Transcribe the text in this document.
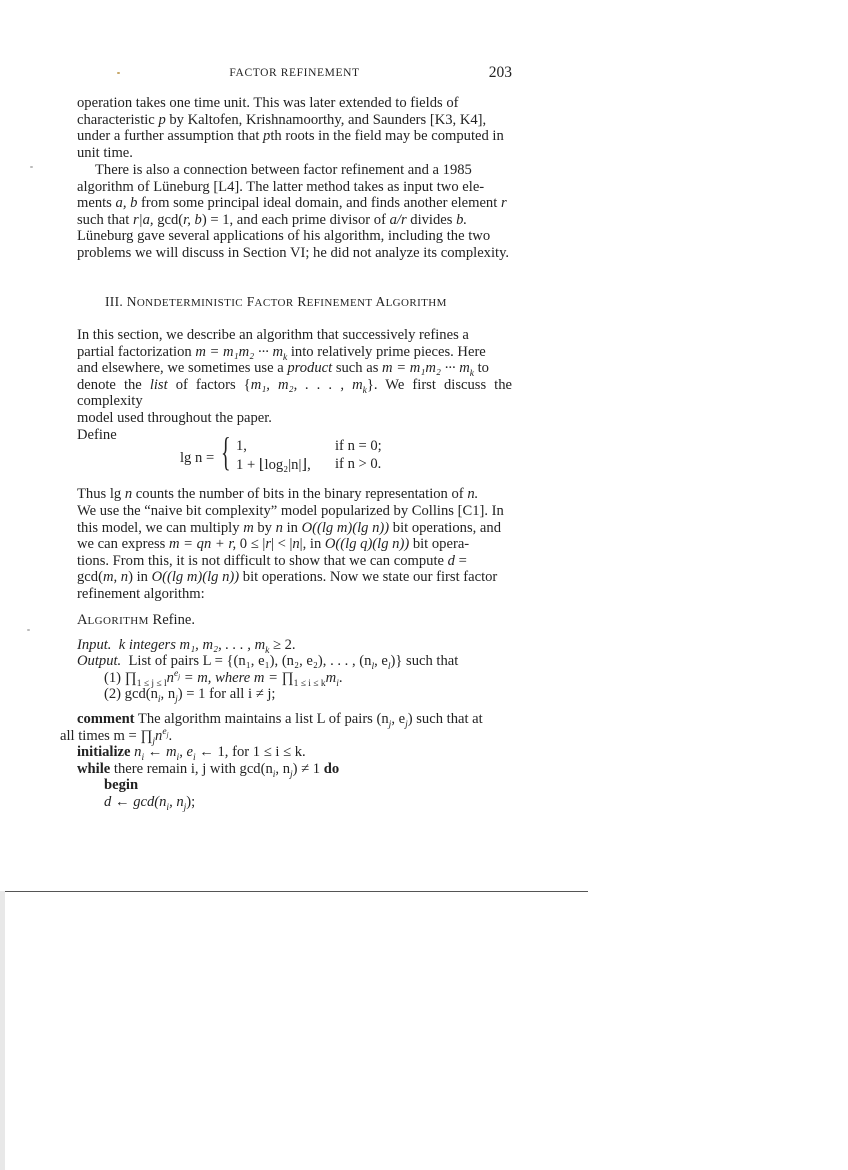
FACTOR REFINEMENT	203

operation takes one time unit. This was later extended to fields of

characteristic p by Kaltofen, Krishnamoorthy, and Saunders [K3, K4],

under a further assumption that pth roots in the field may be computed in

unit time.

There is also a connection between factor refinement and a 1985

algorithm of Lüneburg [L4]. The latter method takes as input two ele-

ments a, b from some principal ideal domain, and finds another element r

such that r|a, gcd(r, b) = 1, and each prime divisor of a/r divides b.

Lüneburg gave several applications of his algorithm, including the two

problems we will discuss in Section VI; he did not analyze its complexity.

III. NONDETERMINISTIC FACTOR REFINEMENT ALGORITHM

In this section, we describe an algorithm that successively refines a

partial factorization m = m₁m₂ ··· $m_k$ into relatively prime pieces. Here

and elsewhere, we sometimes use a product such as m = m₁m₂ ··· $m_k$ to

denote the list of factors {m₁, m₂, . . . , $m_k$}. We first discuss the complexity

model used throughout the paper.

Define

lg n = { 1,
1 + ⌊log₂|n|⌋,
if n = 0;
if n > 0.

Thus lg n counts the number of bits in the binary representation of n.

We use the “naive bit complexity” model popularized by Collins [C1]. In

this model, we can multiply m by n in O((lg m)(lg n)) bit operations, and

we can express m = qn + r, 0 ≤ |r| < |n|, in O((lg q)(lg n)) bit opera-

tions. From this, it is not difficult to show that we can compute d =

gcd(m, n) in O((lg m)(lg n)) bit operations. Now we state our first factor

refinement algorithm:

ALGORITHM Refine.
Input. k integers m₁, m₂, . . . , $m_k \ge 2$.
Output. List of pairs L = {(n₁, e₁), (n₂, e₂), . . . , ($n_l$, $e_l$)} such that
(1) $\prod_{1 \le j \le l}n^{e_j} = m$, where $m = \prod_{1 \le i \le k}m_i$.
(2) $\gcd(n_i$, $n_j) = 1$ for all i ≠ j;
comment The algorithm maintains a list L of pairs ($n_j$, $e_j$) such that at
all times $m = \prod_jn^{e_j}$.
initialize $n_i$ ← $m_i$, $e_i$ ← 1, for 1 ≤ i ≤ k.
while there remain i, j with $\gcd(n_i$, $n_j) \ne 1$ do
begin
d ← $\gcd(n_i$, $n_j$);
